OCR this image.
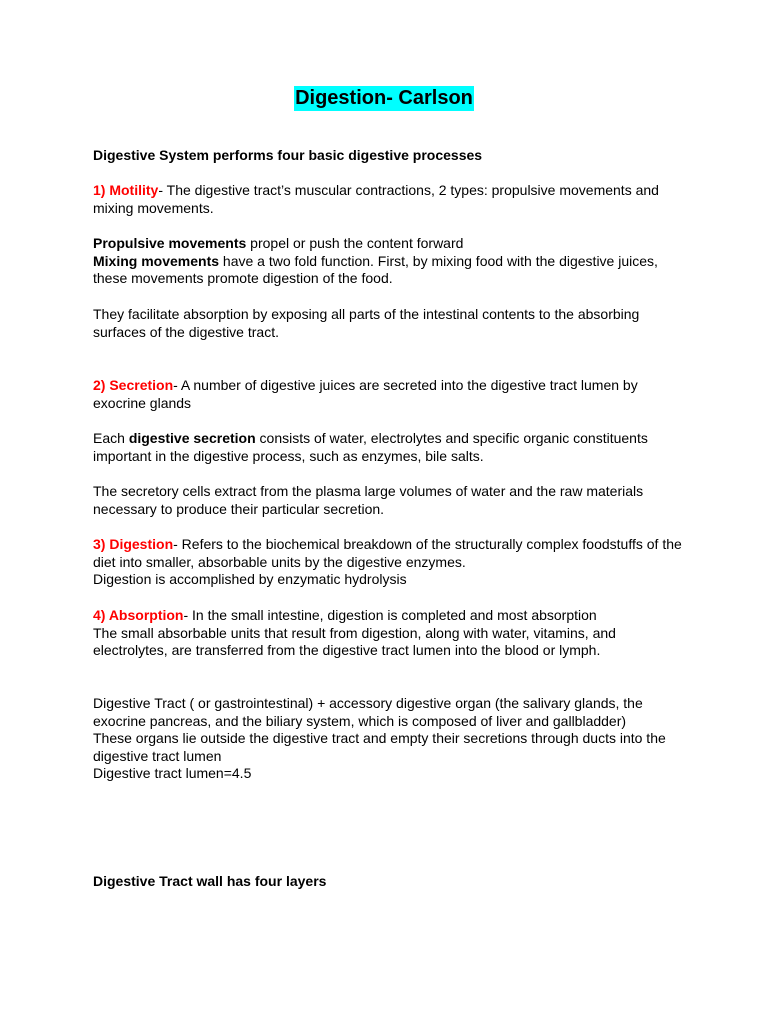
Digestion- Carlson

Digestive System performs four basic digestive processes

1) Motility- The digestive tract’s muscular contractions, 2 types: propulsive movements and mixing movements.

Propulsive movements propel or push the content forward

Mixing movements have a two fold function. First, by mixing food with the digestive juices, these movements promote digestion of the food.

They facilitate absorption by exposing all parts of the intestinal contents to the absorbing surfaces of the digestive tract.

2) Secretion- A number of digestive juices are secreted into the digestive tract lumen by exocrine glands

Each digestive secretion consists of water, electrolytes and specific organic constituents important in the digestive process, such as enzymes, bile salts.

The secretory cells extract from the plasma large volumes of water and the raw materials necessary to produce their particular secretion.

3) Digestion- Refers to the biochemical breakdown of the structurally complex foodstuffs of the diet into smaller, absorbable units by the digestive enzymes.

Digestion is accomplished by enzymatic hydrolysis

4) Absorption- In the small intestine, digestion is completed and most absorption

The small absorbable units that result from digestion, along with water, vitamins, and electrolytes, are transferred from the digestive tract lumen into the blood or lymph.

Digestive Tract ( or gastrointestinal) + accessory digestive organ (the salivary glands, the exocrine pancreas, and the biliary system, which is composed of liver and gallbladder)

These organs lie outside the digestive tract and empty their secretions through ducts into the digestive tract lumen

Digestive tract lumen=4.5

Digestive Tract wall has four layers
